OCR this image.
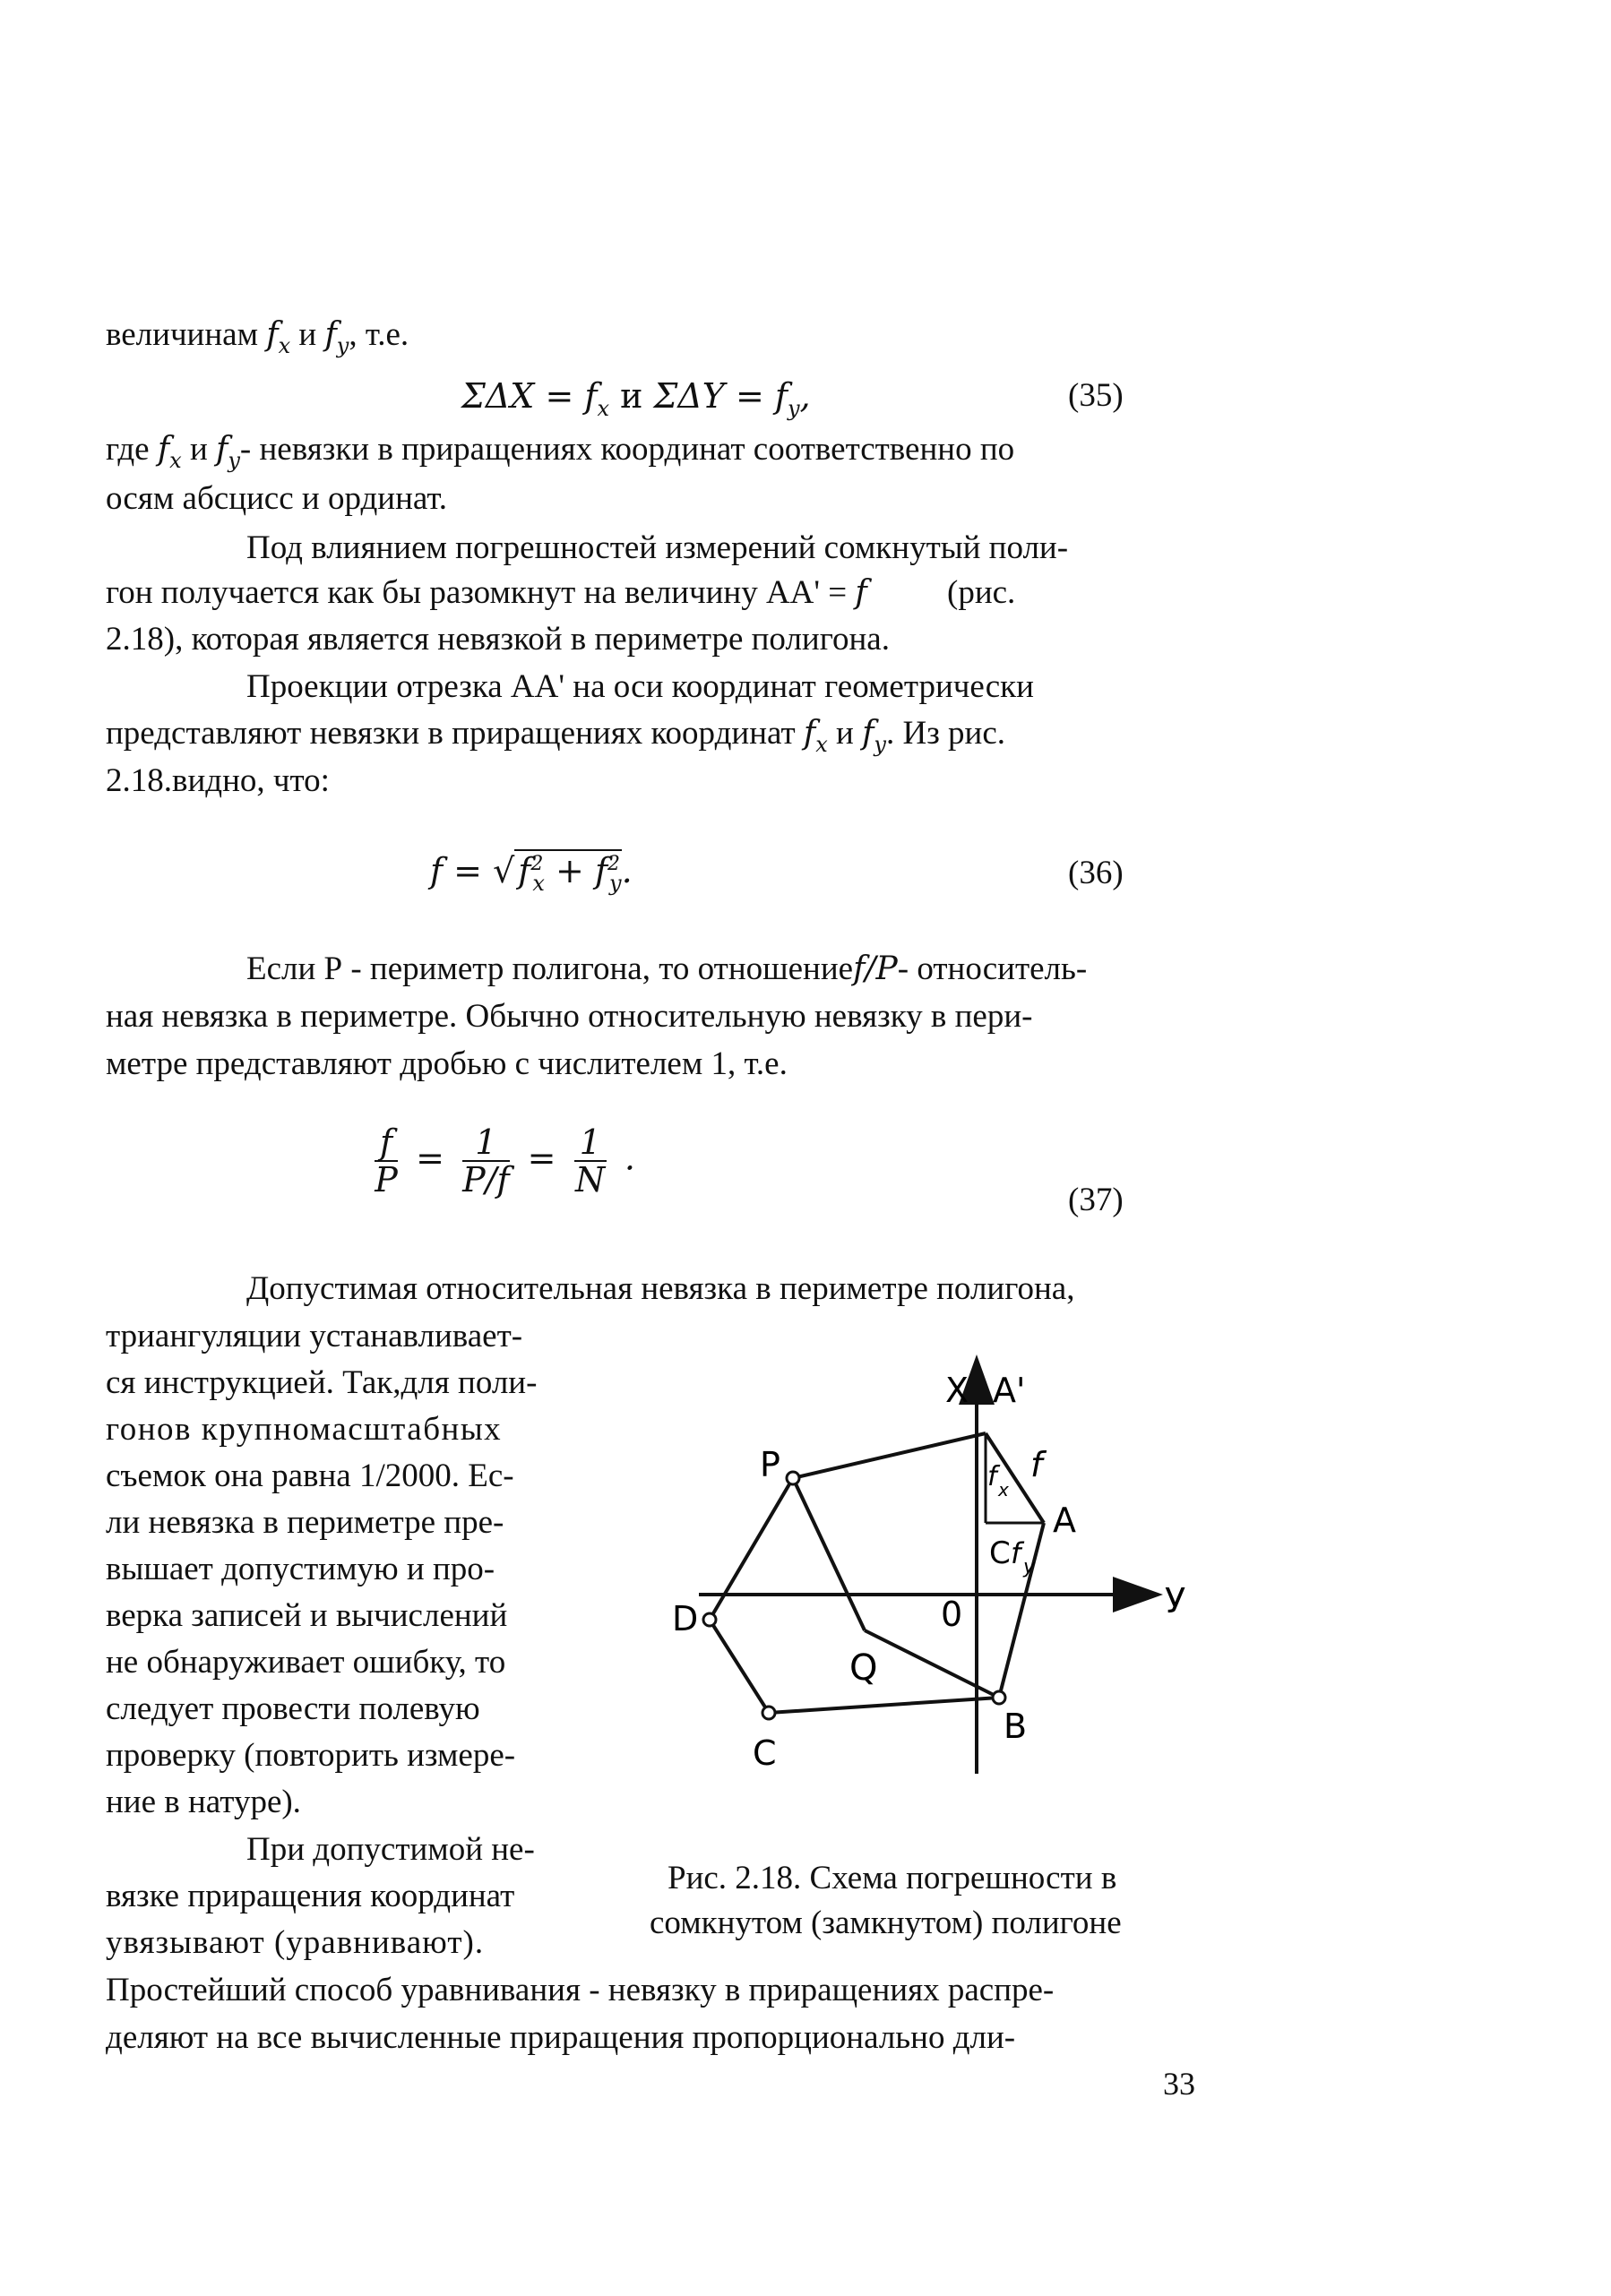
величинам $f_x$ и $f_y$, т.е.
$\Sigma\Delta X = f_x$ и $\Sigma\Delta Y = f_y$,	(35)
где $f_x$ и $f_y-$ невязки в приращениях координат соответственно по
осям абсцисс и ординат.
Под влиянием погрешностей измерений сомкнутый поли-
гон получается как бы разомкнут на величину АА' = f (рис.
2.18), которая является невязкой в периметре полигона.
Проекции отрезка АА' на оси координат геометрически
представляют невязки в приращениях координат $f_x$ и $f_y$. Из рис.
2.18.видно, что:
f = √ $f^2_x + f^2_y$.	(36)
Если Р - периметр полигона, то отношениеf/P- относитель-
ная невязка в периметре. Обычно относительную невязку в пери-
метре представляют дробью с числителем 1, т.е.
$\frac{f}{P} = \frac{1}{P/f} = \frac{1}{N}$ .
(37)
Допустимая относительная невязка в периметре полигона,
триангуляции устанавливает-
ся инструкцией. Так,для поли-
гонов крупномасштабных
съемок она равна 1/2000. Ес-
ли невязка в периметре пре-
вышает допустимую и про-
верка записей и вычислений
не обнаруживает ошибку, то
следует провести полевую
проверку (повторить измере-
ние в натуре).
При допустимой не-
вязке приращения координат
увязывают (уравнивают).
Простейший способ уравнивания - невязку в приращениях распре-
деляют на все вычисленные приращения пропорционально дли-
X A'
A
f
f x
C f y
P
D
Q
0	У
B
C
Рис. 2.18. Схема погрешности в
сомкнутом (замкнутом) полигоне
33
